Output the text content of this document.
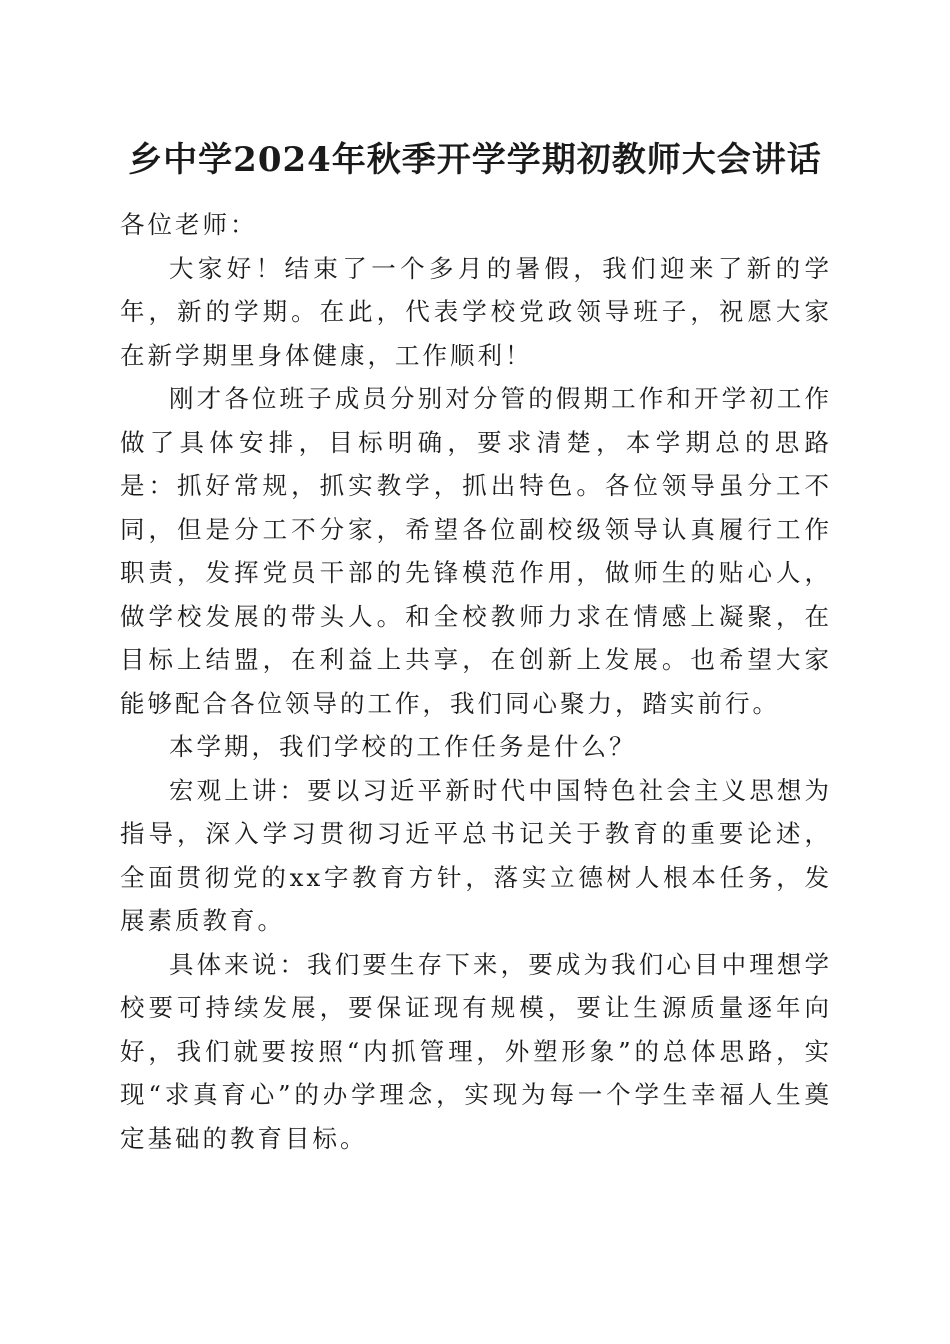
乡中学2024年秋季开学学期初教师大会讲话

各位老师：

大家好！结束了一个多月的暑假，我们迎来了新的学年，新的学期。在此，代表学校党政领导班子，祝愿大家在新学期里身体健康，工作顺利！

刚才各位班子成员分别对分管的假期工作和开学初工作做了具体安排，目标明确，要求清楚，本学期总的思路是：抓好常规，抓实教学，抓出特色。各位领导虽分工不同，但是分工不分家，希望各位副校级领导认真履行工作职责，发挥党员干部的先锋模范作用，做师生的贴心人，做学校发展的带头人。和全校教师力求在情感上凝聚，在目标上结盟，在利益上共享，在创新上发展。也希望大家能够配合各位领导的工作，我们同心聚力，踏实前行。

本学期，我们学校的工作任务是什么？

宏观上讲：要以习近平新时代中国特色社会主义思想为指导，深入学习贯彻习近平总书记关于教育的重要论述，全面贯彻党的xx字教育方针，落实立德树人根本任务，发展素质教育。

具体来说：我们要生存下来，要成为我们心目中理想学校要可持续发展，要保证现有规模，要让生源质量逐年向好，我们就要按照“内抓管理，外塑形象”的总体思路，实现“求真育心”的办学理念，实现为每一个学生幸福人生奠定基础的教育目标。
